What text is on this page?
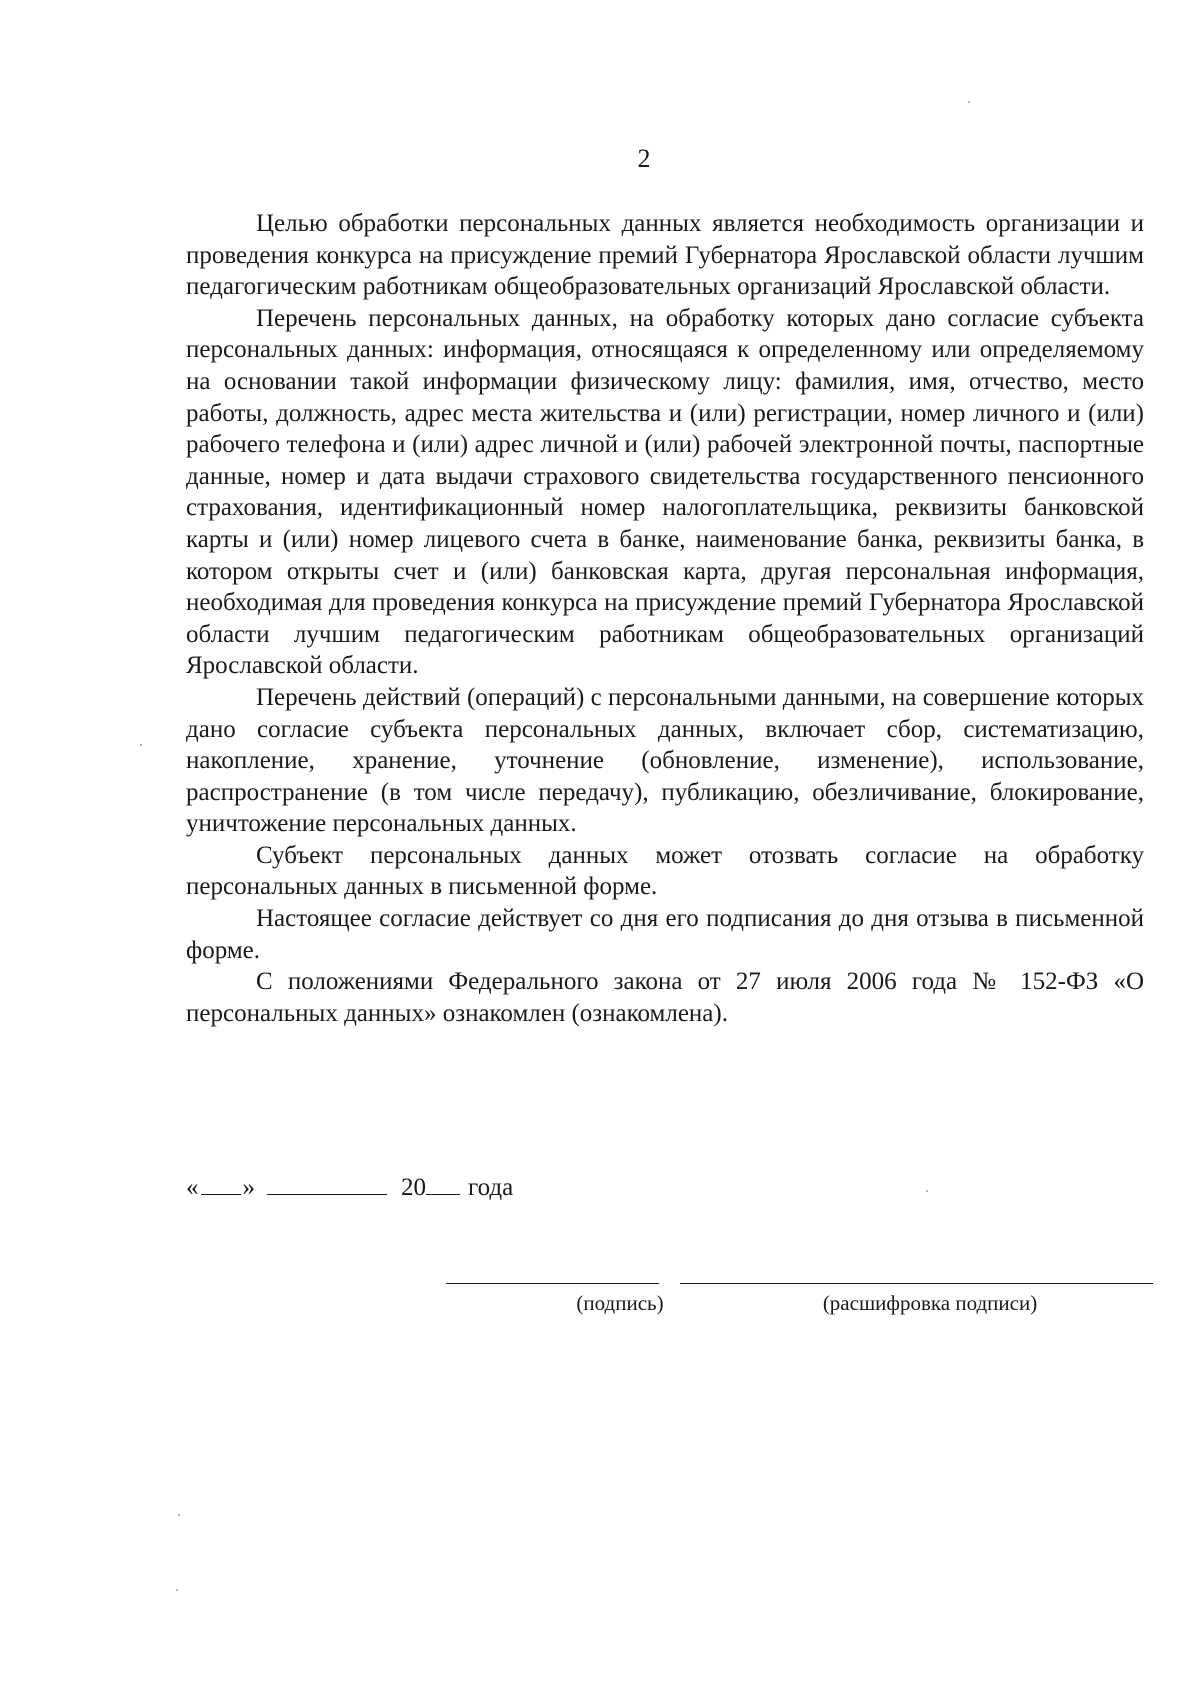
2

Целью обработки персональных данных является необходимость организации и проведения конкурса на присуждение премий Губернатора Ярославской области лучшим педагогическим работникам общеобразовательных организаций Ярославской области.

Перечень персональных данных, на обработку которых дано согласие субъекта персональных данных: информация, относящаяся к определенному или определяемому на основании такой информации физическому лицу: фамилия, имя, отчество, место работы, должность, адрес места жительства и (или) регистрации, номер личного и (или) рабочего телефона и (или) адрес личной и (или) рабочей электронной почты, паспортные данные, номер и дата выдачи страхового свидетельства государственного пенсионного страхования, идентификационный номер налогоплательщика, реквизиты банковской карты и (или) номер лицевого счета в банке, наименование банка, реквизиты банка, в котором открыты счет и (или) банковская карта, другая персональная информация, необходимая для проведения конкурса на присуждение премий Губернатора Ярославской области лучшим педагогическим работникам общеобразовательных организаций Ярославской области.

Перечень действий (операций) с персональными данными, на совершение которых дано согласие субъекта персональных данных, включает сбор, систематизацию, накопление, хранение, уточнение (обновление, изменение), использование, распространение (в том числе передачу), публикацию, обезличивание, блокирование, уничтожение персональных данных.

Субъект персональных данных может отозвать согласие на обработку персональных данных в письменной форме.

Настоящее согласие действует со дня его подписания до дня отзыва в письменной форме.

С положениями Федерального закона от 27 июля 2006 года № 152-ФЗ «О персональных данных» ознакомлен (ознакомлена).

« »	20 года
(подпись)	(расшифровка подписи)
